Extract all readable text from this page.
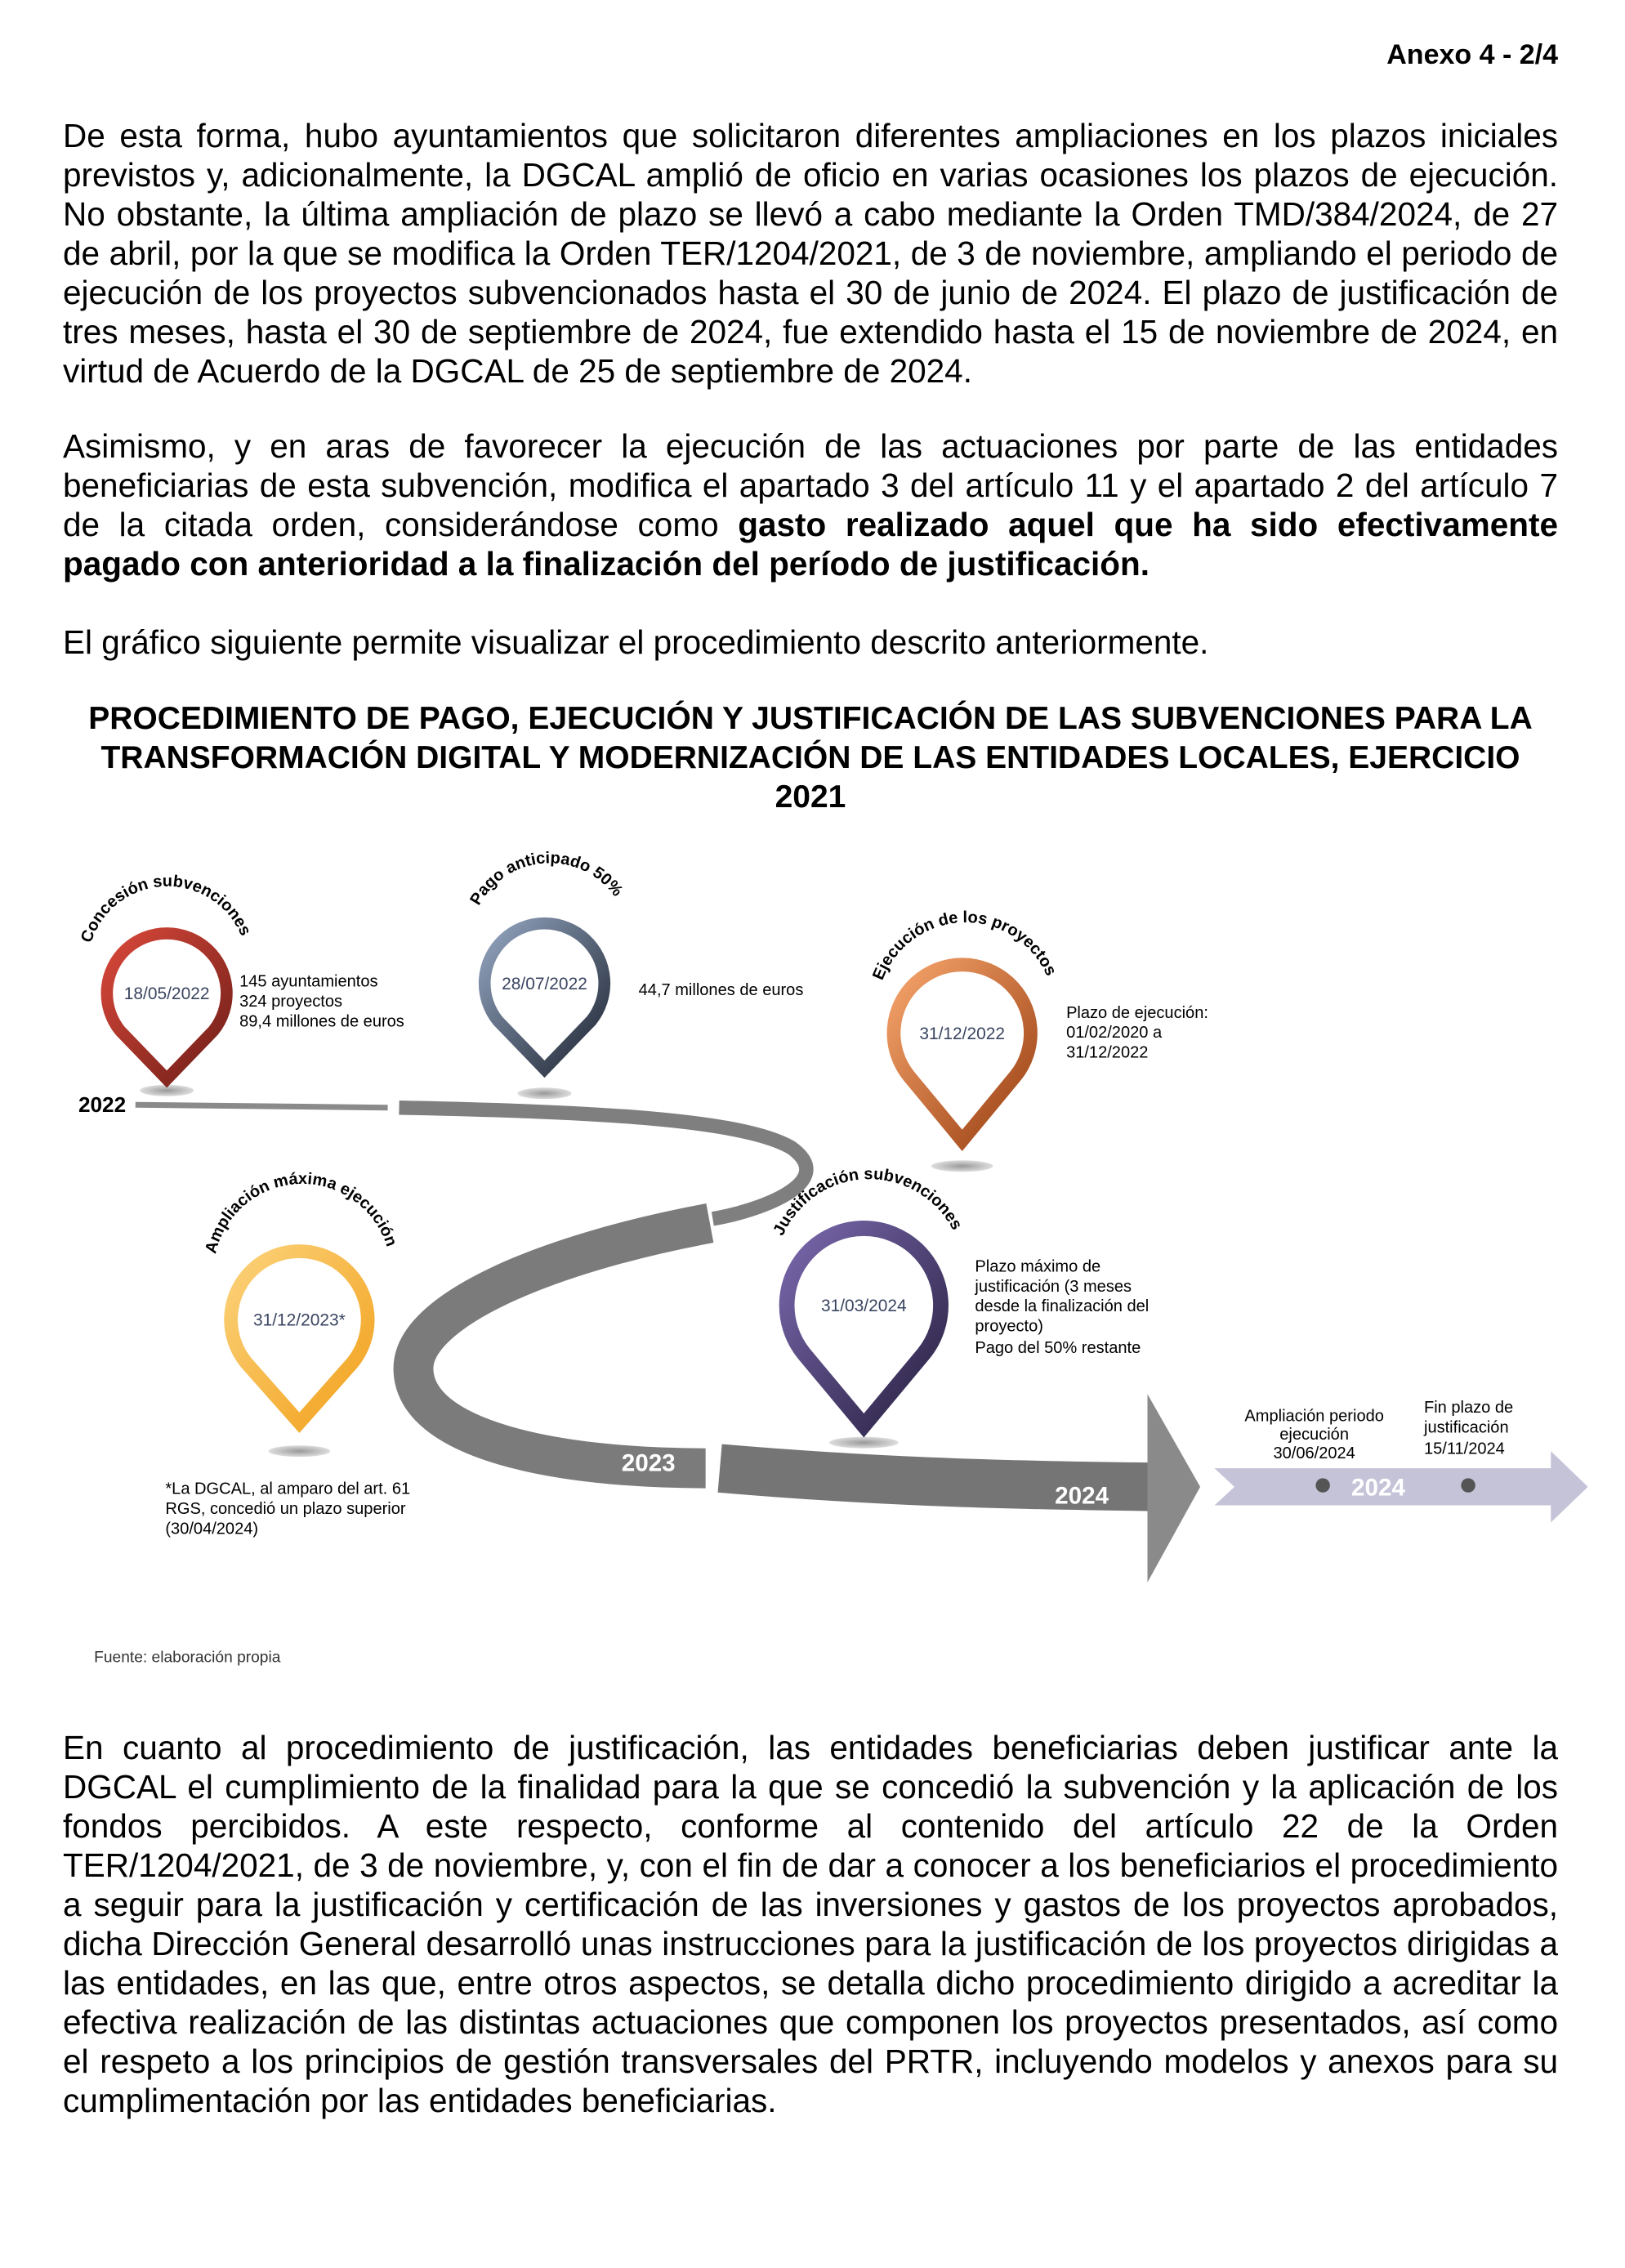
Anexo 4 - 2/4

De esta forma, hubo ayuntamientos que solicitaron diferentes ampliaciones en los plazos iniciales previstos y, adicionalmente, la DGCAL amplió de oficio en varias ocasiones los plazos de ejecución. No obstante, la última ampliación de plazo se llevó a cabo mediante la Orden TMD/384/2024, de 27 de abril, por la que se modifica la Orden TER/1204/2021, de 3 de noviembre, ampliando el periodo de ejecución de los proyectos subvencionados hasta el 30 de junio de 2024. El plazo de justificación de tres meses, hasta el 30 de septiembre de 2024, fue extendido hasta el 15 de noviembre de 2024, en virtud de Acuerdo de la DGCAL de 25 de septiembre de 2024.

Asimismo, y en aras de favorecer la ejecución de las actuaciones por parte de las entidades beneficiarias de esta subvención, modifica el apartado 3 del artículo 11 y el apartado 2 del artículo 7 de la citada orden, considerándose como gasto realizado aquel que ha sido efectivamente pagado con anterioridad a la finalización del período de justificación.

El gráfico siguiente permite visualizar el procedimiento descrito anteriormente.

PROCEDIMIENTO DE PAGO, EJECUCIÓN Y JUSTIFICACIÓN DE LAS SUBVENCIONES PARA LA TRANSFORMACIÓN DIGITAL Y MODERNIZACIÓN DE LAS ENTIDADES LOCALES, EJERCICIO 2021

2022
2023
2024	2024
18/05/2022
Concesión subvenciones
28/07/2022
Pago anticipado 50%
31/12/2022
Ejecución de los proyectos
31/12/2023*
Ampliación máxima ejecución
31/03/2024
Justificación subvenciones
145 ayuntamientos
324 proyectos
89,4 millones de euros
44,7 millones de euros
Plazo de ejecución:
01/02/2020 a
31/12/2022
*La DGCAL, al amparo del art. 61
RGS, concedió un plazo superior
(30/04/2024)
Plazo máximo de
justificación (3 meses
desde la finalización del
proyecto)
Pago del 50% restante
Ampliación periodo
ejecución
30/06/2024
Fin plazo de
justificación
15/11/2024
Fuente: elaboración propia

En cuanto al procedimiento de justificación, las entidades beneficiarias deben justificar ante la DGCAL el cumplimiento de la finalidad para la que se concedió la subvención y la aplicación de los fondos percibidos. A este respecto, conforme al contenido del artículo 22 de la Orden TER/1204/2021, de 3 de noviembre, y, con el fin de dar a conocer a los beneficiarios el procedimiento a seguir para la justificación y certificación de las inversiones y gastos de los proyectos aprobados, dicha Dirección General desarrolló unas instrucciones para la justificación de los proyectos dirigidas a las entidades, en las que, entre otros aspectos, se detalla dicho procedimiento dirigido a acreditar la efectiva realización de las distintas actuaciones que componen los proyectos presentados, así como el respeto a los principios de gestión transversales del PRTR, incluyendo modelos y anexos para su cumplimentación por las entidades beneficiarias.
